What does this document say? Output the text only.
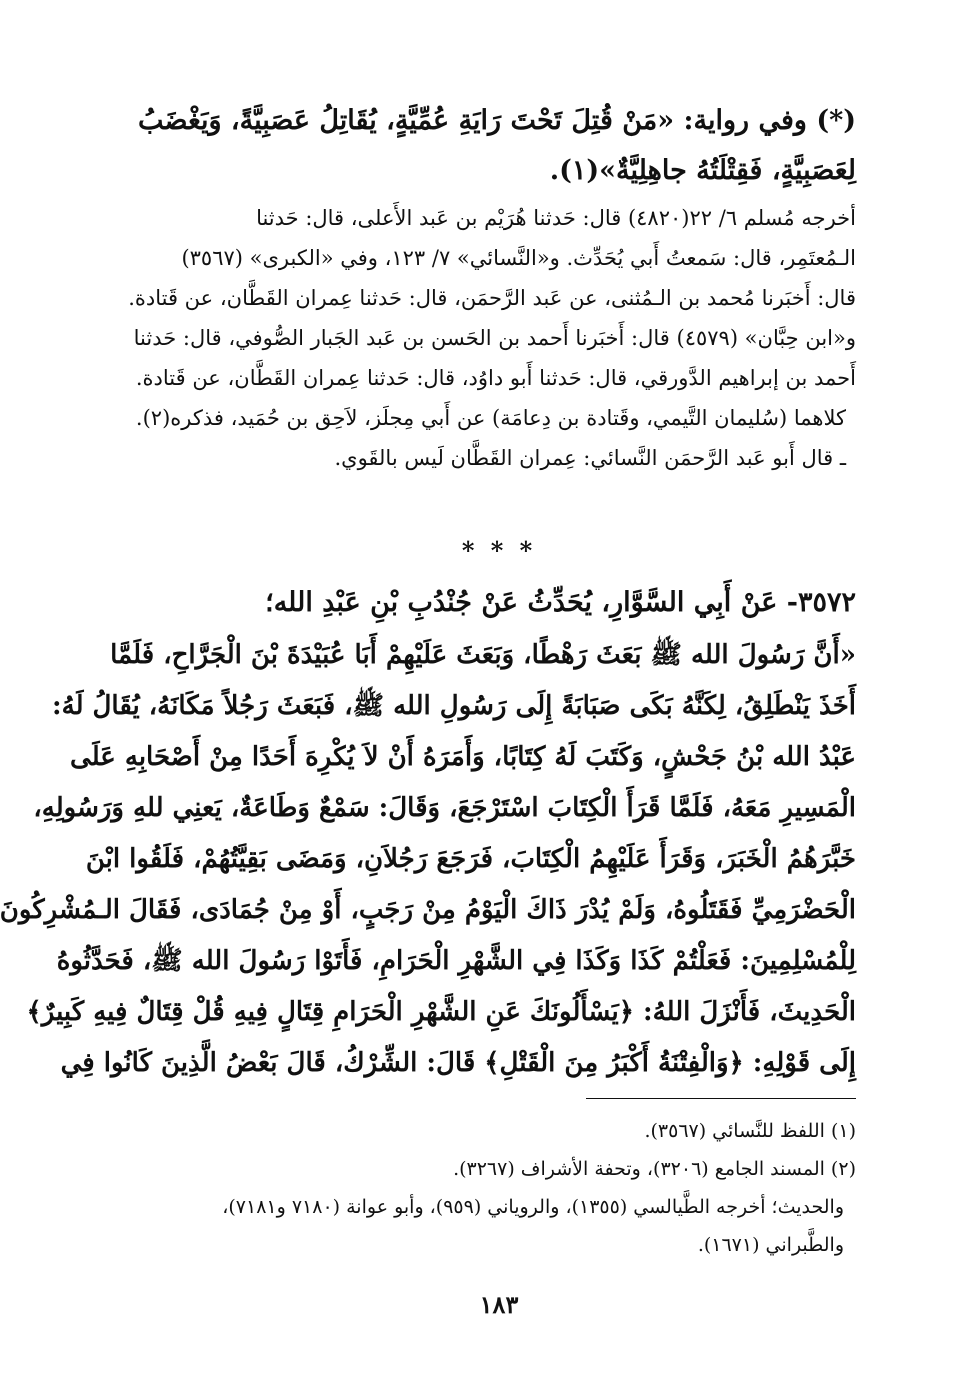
(*) وفي رواية: «مَنْ قُتِلَ تَحْتَ رَايَةِ عُمِّيَّةٍ، يُقَاتِلُ عَصَبِيَّةً، وَيَغْضَبُ
لِعَصَبِيَّةٍ، فَقِتْلَتُهُ جاهِلِيَّةٌ»(١).
أخرجه مُسلم ٦/ ٢٢(٤٨٢٠) قال: حَدثنا هُرَيْم بن عَبد الأَعلى، قال: حَدثنا
الـمُعتَمِر، قال: سَمعتُ أَبي يُحَدِّث. و«النَّسائي» ٧/ ١٢٣، وفي «الكبرى» (٣٥٦٧)
قال: أَخبَرنا مُحمد بن الـمُثنى، عن عَبد الرَّحمَن، قال: حَدثنا عِمران القَطَّان، عن قَتادة.
و«ابن حِبَّان» (٤٥٧٩) قال: أَخبَرنا أَحمد بن الحَسن بن عَبد الجَبار الصُّوفي، قال: حَدثنا
أَحمد بن إبراهيم الدَّورقي، قال: حَدثنا أَبو داوُد، قال: حَدثنا عِمران القَطَّان، عن قَتادة.
كلاهما (سُليمان التَّيمي، وقَتادة بن دِعامَة) عن أَبي مِجلَز، لاَحِق بن حُمَيد، فذكره(٢).
ـ قال أَبو عَبد الرَّحمَن النَّسائي: عِمران القَطَّان لَيس بالقَوي.
* * *
٣٥٧٢- عَنْ أَبِي السَّوَّارِ، يُحَدِّثُ عَنْ جُنْدُبِ بْنِ عَبْدِ الله؛
«أَنَّ رَسُولَ الله ﷺ بَعَثَ رَهْطًا، وَبَعَثَ عَلَيْهِمْ أَبَا عُبَيْدَةَ بْنَ الْجَرَّاحِ، فَلَمَّا
أَخَذَ يَنْطَلِقُ، لِكَنَّهُ بَكَى صَبَابَةً إِلَى رَسُولِ الله ﷺ، فَبَعَثَ رَجُلاً مَكَانَهُ، يُقَالُ لَهُ:
عَبْدُ الله بْنُ جَحْشٍ، وَكَتَبَ لَهُ كِتَابًا، وَأَمَرَهُ أَنْ لاَ يُكْرِهَ أَحَدًا مِنْ أَصْحَابِهِ عَلَى
الْمَسِيرِ مَعَهُ، فَلَمَّا قَرَأَ الْكِتَابَ اسْتَرْجَعَ، وَقَالَ: سَمْعٌ وَطَاعَةٌ، يَعنِي للهِ وَرَسُولِهِ،
خَبَّرَهُمُ الْخَبَرَ، وَقَرَأَ عَلَيْهِمُ الْكِتَابَ، فَرَجَعَ رَجُلاَنِ، وَمَضَى بَقِيَّتُهُمْ، فَلَقُوا ابْنَ
الْحَضْرَمِيِّ فَقَتَلُوهُ، وَلَمْ يُدْرَ ذَاكَ الْيَوْمُ مِنْ رَجَبٍ، أَوْ مِنْ جُمَادَى، فَقَالَ الـمُشْرِكُونَ
لِلْمُسْلِمِينَ: فَعَلْتُمْ كَذَا وَكَذَا فِي الشَّهْرِ الْحَرَامِ، فَأَتَوْا رَسُولَ الله ﷺ، فَحَدَّثُوهُ
الْحَدِيثَ، فَأَنْزَلَ اللهُ: ﴿يَسْأَلُونَكَ عَنِ الشَّهْرِ الْحَرَامِ قِتَالٍ فِيهِ قُلْ قِتَالٌ فِيهِ كَبِيرٌ﴾
إِلَى قَوْلِهِ: ﴿وَالْفِتْنَةُ أَكْبَرُ مِنَ الْقَتْلِ﴾ قَالَ: الشِّرْكُ، قَالَ بَعْضُ الَّذِينَ كَانُوا فِي
(١) اللفظ للنَّسائي (٣٥٦٧).
(٢) المسند الجامع (٣٢٠٦)، وتحفة الأشراف (٣٢٦٧).
والحديث؛ أخرجه الطَّيالسي (١٣٥٥)، والروياني (٩٥٩)، وأبو عوانة (٧١٨٠ و٧١٨١)،
والطَّبراني (١٦٧١).
١٨٣
